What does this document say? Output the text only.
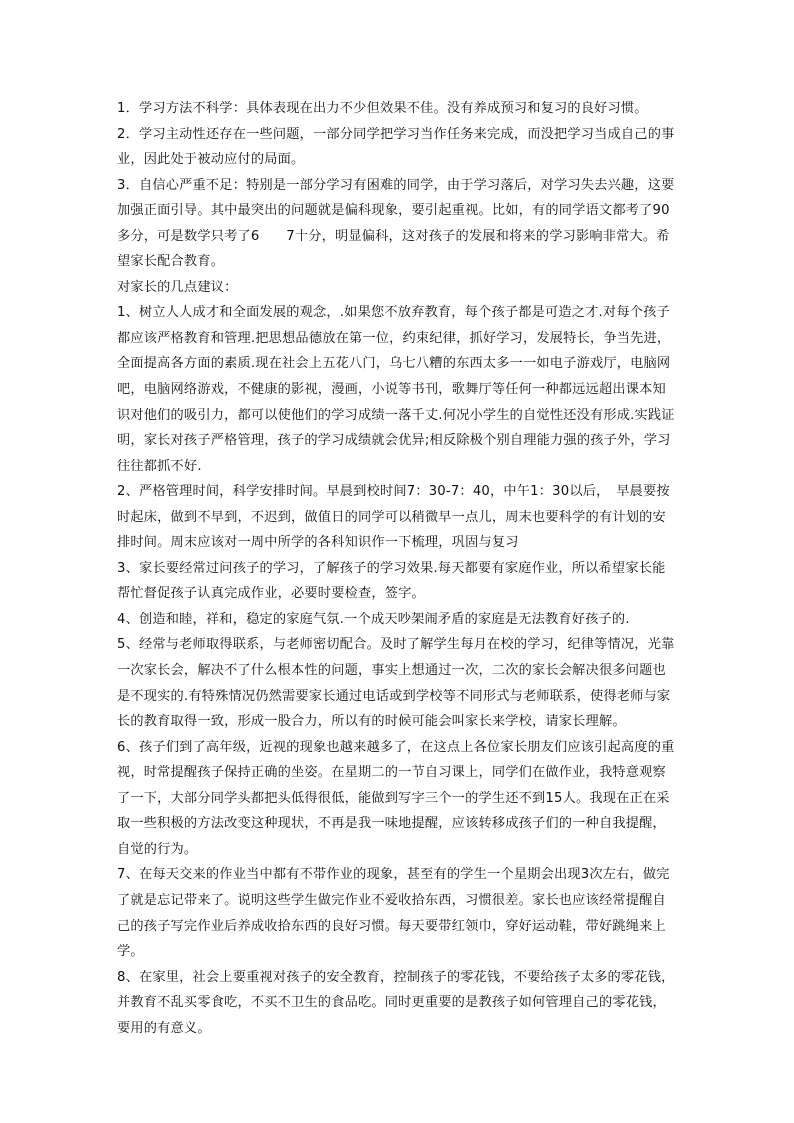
1．学习方法不科学：具体表现在出力不少但效果不佳。没有养成预习和复习的良好习惯。

2．学习主动性还存在一些问题，一部分同学把学习当作任务来完成，而没把学习当成自己的事业，因此处于被动应付的局面。

3．自信心严重不足：特别是一部分学习有困难的同学，由于学习落后，对学习失去兴趣，这要加强正面引导。其中最突出的问题就是偏科现象，要引起重视。比如，有的同学语文都考了90多分，可是数学只考了6　　7十分，明显偏科，这对孩子的发展和将来的学习影响非常大。希望家长配合教育。

对家长的几点建议：

1、树立人人成才和全面发展的观念，.如果您不放弃教育，每个孩子都是可造之才.对每个孩子都应该严格教育和管理.把思想品德放在第一位，约束纪律，抓好学习，发展特长，争当先进，全面提高各方面的素质.现在社会上五花八门，乌七八糟的东西太多一一如电子游戏厅，电脑网吧，电脑网络游戏，不健康的影视，漫画，小说等书刊，歌舞厅等任何一种都远远超出课本知识对他们的吸引力，都可以使他们的学习成绩一落千丈.何况小学生的自觉性还没有形成.实践证明，家长对孩子严格管理，孩子的学习成绩就会优异;相反除极个别自理能力强的孩子外，学习往往都抓不好.

2、严格管理时间，科学安排时间。早晨到校时间7：30-7：40，中午1：30以后，　早晨要按时起床，做到不早到，不迟到，做值日的同学可以稍微早一点儿，周末也要科学的有计划的安排时间。周末应该对一周中所学的各科知识作一下梳理，巩固与复习

3、家长要经常过问孩子的学习，了解孩子的学习效果.每天都要有家庭作业，所以希望家长能帮忙督促孩子认真完成作业，必要时要检查，签字。

4、创造和睦，祥和，稳定的家庭气氛.一个成天吵架闹矛盾的家庭是无法教育好孩子的.

5、经常与老师取得联系，与老师密切配合。及时了解学生每月在校的学习，纪律等情况，光靠一次家长会，解决不了什么根本性的问题，事实上想通过一次，二次的家长会解决很多问题也是不现实的.有特殊情况仍然需要家长通过电话或到学校等不同形式与老师联系，使得老师与家长的教育取得一致，形成一股合力，所以有的时候可能会叫家长来学校，请家长理解。

6、孩子们到了高年级，近视的现象也越来越多了，在这点上各位家长朋友们应该引起高度的重视，时常提醒孩子保持正确的坐姿。在星期二的一节自习课上，同学们在做作业，我特意观察了一下，大部分同学头都把头低得很低，能做到写字三个一的学生还不到15人。我现在正在采取一些积极的方法改变这种现状，不再是我一味地提醒，应该转移成孩子们的一种自我提醒，自觉的行为。

7、在每天交来的作业当中都有不带作业的现象，甚至有的学生一个星期会出现3次左右，做完了就是忘记带来了。说明这些学生做完作业不爱收拾东西，习惯很差。家长也应该经常提醒自己的孩子写完作业后养成收拾东西的良好习惯。每天要带红领巾，穿好运动鞋，带好跳绳来上学。

8、在家里，社会上要重视对孩子的安全教育，控制孩子的零花钱，不要给孩子太多的零花钱，并教育不乱买零食吃，不买不卫生的食品吃。同时更重要的是教孩子如何管理自己的零花钱，要用的有意义。
